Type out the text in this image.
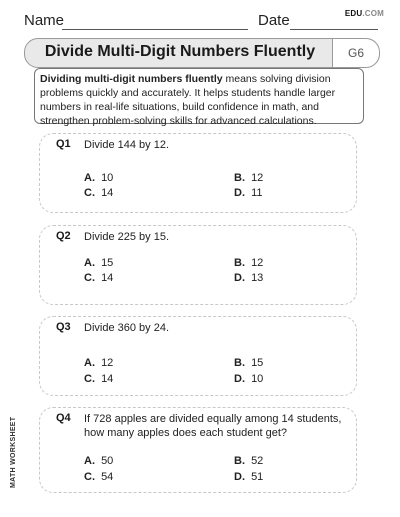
Name	Date	EDU.COM
Divide Multi-Digit Numbers Fluently	G6
Dividing multi-digit numbers fluently means solving division problems quickly and accurately. It helps students handle larger numbers in real-life situations, build confidence in math, and strengthen problem-solving skills for advanced calculations.
MATH WORKSHEET
Q1 Divide 144 by 12.
A. 10	B. 12
C. 14	D. 11
Q2 Divide 225 by 15.
A. 15	B. 12
C. 14	D. 13
Q3 Divide 360 by 24.
A. 12	B. 15
C. 14	D. 10
Q4 If 728 apples are divided equally among 14 students, how many apples does each student get?
A. 50	B. 52
C. 54	D. 51
